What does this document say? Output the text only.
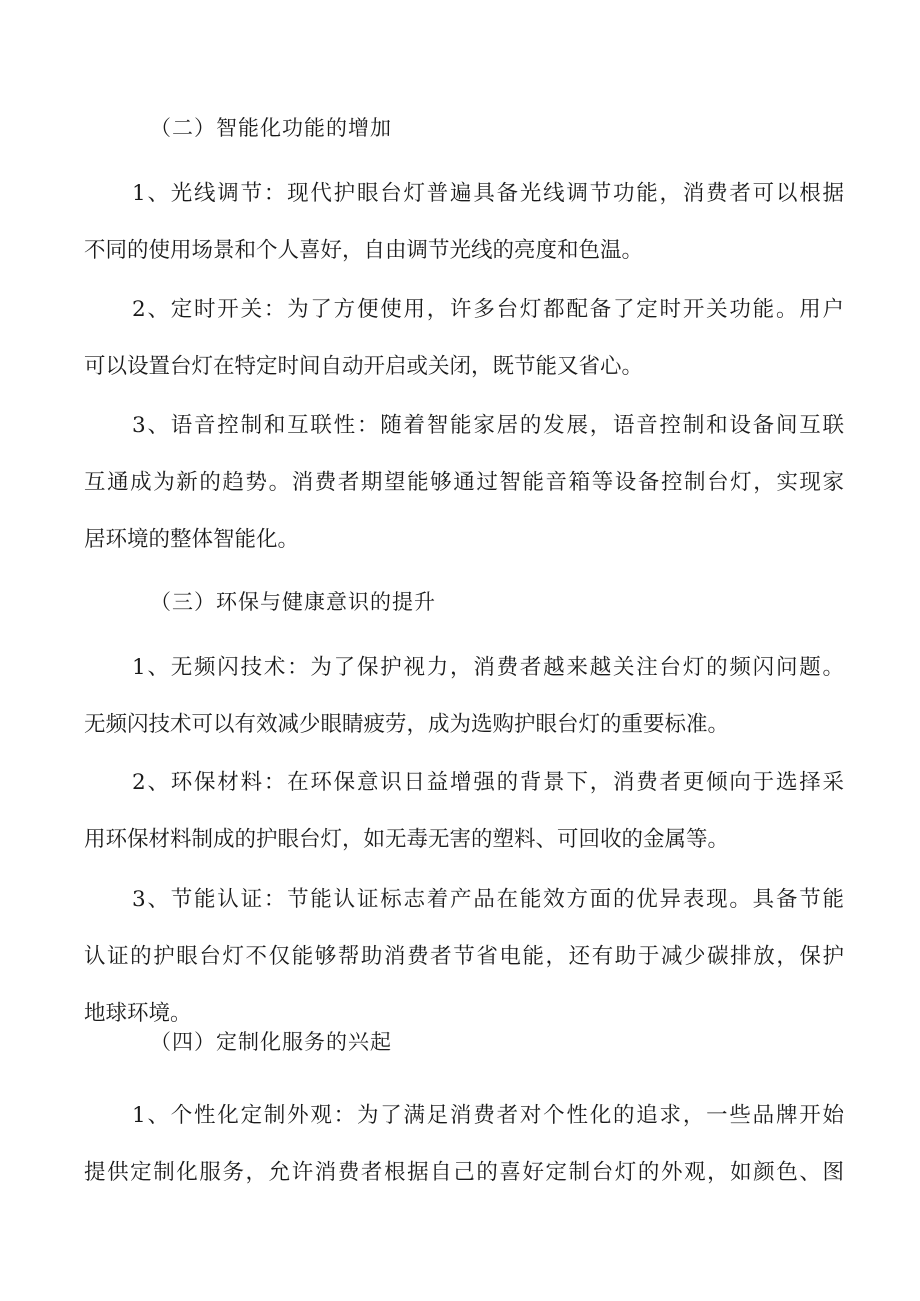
（二）智能化功能的增加
1、光线调节：现代护眼台灯普遍具备光线调节功能，消费者可以根据
不同的使用场景和个人喜好，自由调节光线的亮度和色温。
2、定时开关：为了方便使用，许多台灯都配备了定时开关功能。用户
可以设置台灯在特定时间自动开启或关闭，既节能又省心。
3、语音控制和互联性：随着智能家居的发展，语音控制和设备间互联
互通成为新的趋势。消费者期望能够通过智能音箱等设备控制台灯，实现家
居环境的整体智能化。
（三）环保与健康意识的提升
1、无频闪技术：为了保护视力，消费者越来越关注台灯的频闪问题。
无频闪技术可以有效减少眼睛疲劳，成为选购护眼台灯的重要标准。
2、环保材料：在环保意识日益增强的背景下，消费者更倾向于选择采
用环保材料制成的护眼台灯，如无毒无害的塑料、可回收的金属等。
3、节能认证：节能认证标志着产品在能效方面的优异表现。具备节能
认证的护眼台灯不仅能够帮助消费者节省电能，还有助于减少碳排放，保护
地球环境。
（四）定制化服务的兴起
1、个性化定制外观：为了满足消费者对个性化的追求，一些品牌开始
提供定制化服务，允许消费者根据自己的喜好定制台灯的外观，如颜色、图
